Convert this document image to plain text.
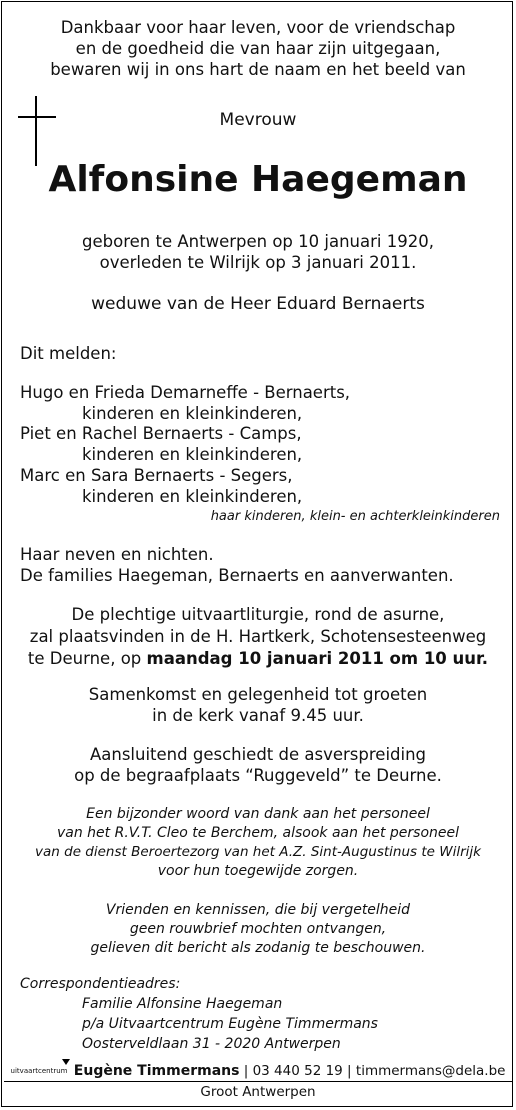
Dankbaar voor haar leven, voor de vriendschap
en de goedheid die van haar zijn uitgegaan,
bewaren wij in ons hart de naam en het beeld van
Mevrouw
Alfonsine Haegeman
geboren te Antwerpen op 10 januari 1920,
overleden te Wilrijk op 3 januari 2011.
weduwe van de Heer Eduard Bernaerts
Dit melden:
Hugo en Frieda Demarneffe - Bernaerts,
kinderen en kleinkinderen,
Piet en Rachel Bernaerts - Camps,
kinderen en kleinkinderen,
Marc en Sara Bernaerts - Segers,
kinderen en kleinkinderen,
haar kinderen, klein- en achterkleinkinderen
Haar neven en nichten.
De families Haegeman, Bernaerts en aanverwanten.
De plechtige uitvaartliturgie, rond de asurne,
zal plaatsvinden in de H. Hartkerk, Schotensesteenweg
te Deurne, op maandag 10 januari 2011 om 10 uur.
Samenkomst en gelegenheid tot groeten
in de kerk vanaf 9.45 uur.
Aansluitend geschiedt de asverspreiding
op de begraafplaats “Ruggeveld” te Deurne.
Een bijzonder woord van dank aan het personeel
van het R.V.T. Cleo te Berchem, alsook aan het personeel
van de dienst Beroertezorg van het A.Z. Sint-Augustinus te Wilrijk
voor hun toegewijde zorgen.
Vrienden en kennissen, die bij vergetelheid
geen rouwbrief mochten ontvangen,
gelieven dit bericht als zodanig te beschouwen.
Correspondentieadres:
Familie Alfonsine Haegeman
p/a Uitvaartcentrum Eugène Timmermans
Oosterveldlaan 31 - 2020 Antwerpen
uitvaartcentrum Eugène Timmermans | 03 440 52 19 | timmermans@dela.be
Groot Antwerpen
